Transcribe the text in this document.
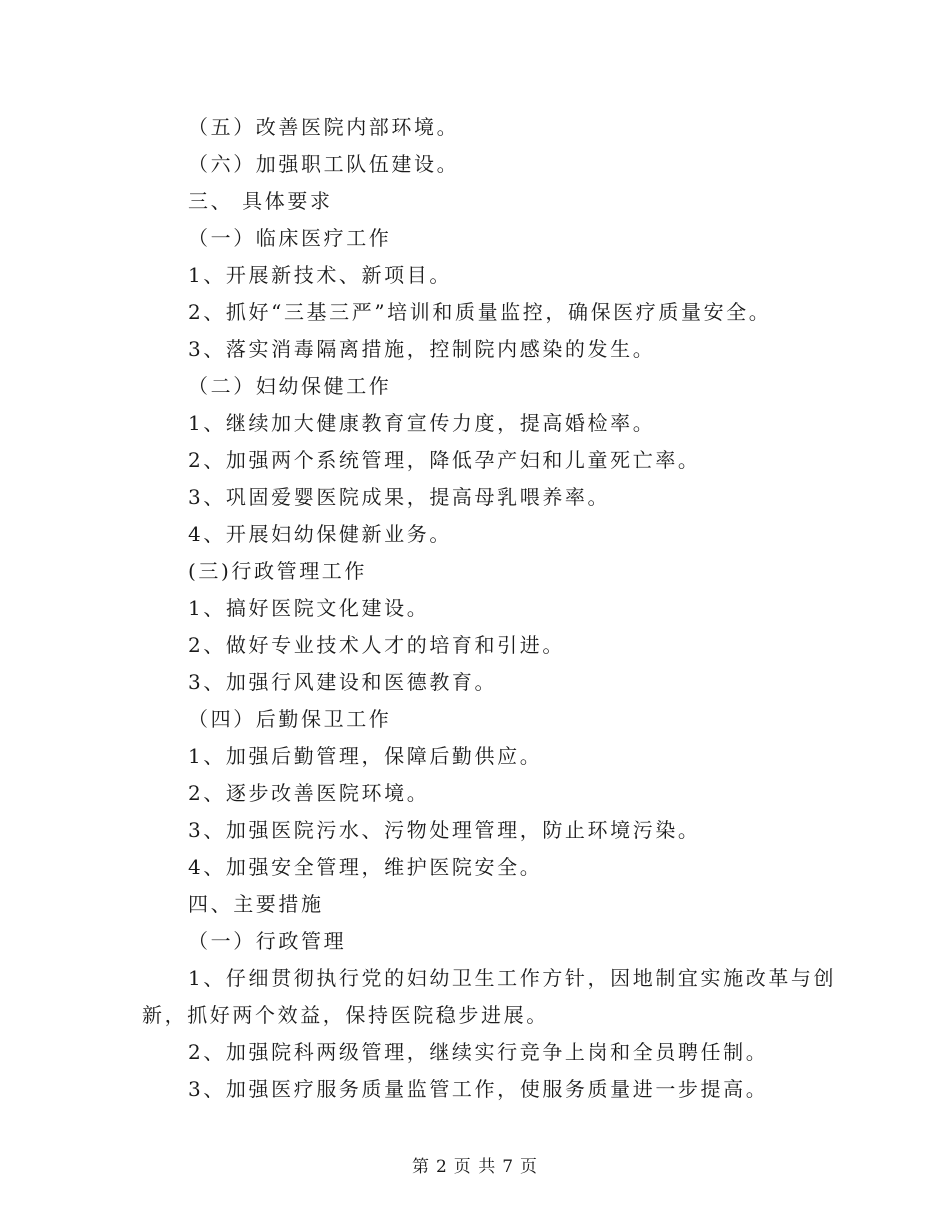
（五）改善医院内部环境。
（六）加强职工队伍建设。
三、 具体要求
（一）临床医疗工作
1、开展新技术、新项目。
2、抓好“三基三严”培训和质量监控，确保医疗质量安全。
3、落实消毒隔离措施，控制院内感染的发生。
（二）妇幼保健工作
1、继续加大健康教育宣传力度，提高婚检率。
2、加强两个系统管理，降低孕产妇和儿童死亡率。
3、巩固爱婴医院成果，提高母乳喂养率。
4、开展妇幼保健新业务。
(三)行政管理工作
1、搞好医院文化建设。
2、做好专业技术人才的培育和引进。
3、加强行风建设和医德教育。
（四）后勤保卫工作
1、加强后勤管理，保障后勤供应。
2、逐步改善医院环境。
3、加强医院污水、污物处理管理，防止环境污染。
4、加强安全管理，维护医院安全。
四、主要措施
（一）行政管理
1、仔细贯彻执行党的妇幼卫生工作方针，因地制宜实施改革与创
新，抓好两个效益，保持医院稳步进展。
2、加强院科两级管理，继续实行竞争上岗和全员聘任制。
3、加强医疗服务质量监管工作，使服务质量进一步提高。
第 2 页 共 7 页
